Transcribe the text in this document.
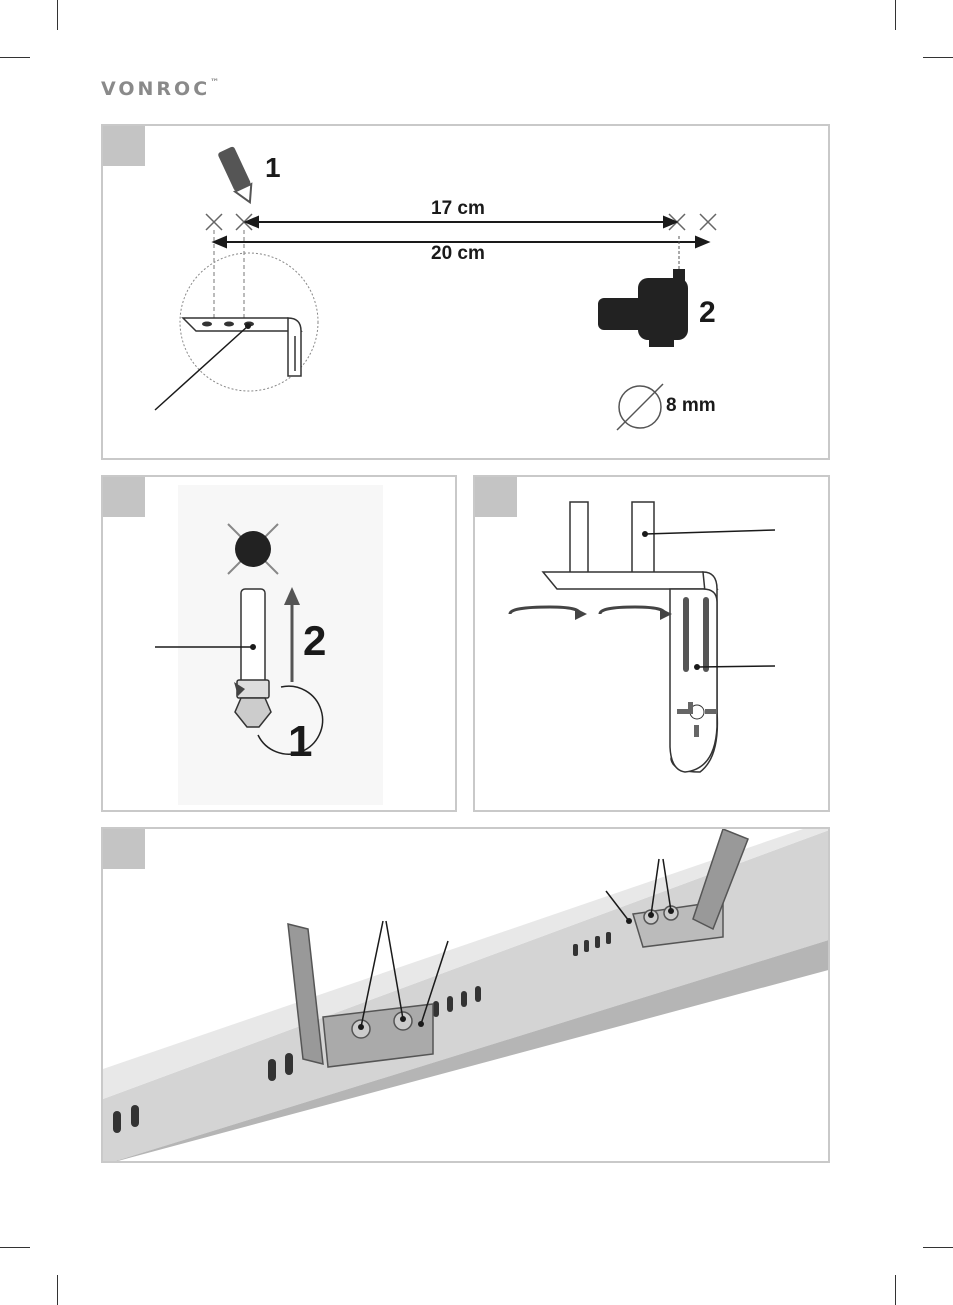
VONROC™
1
17 cm
20 cm
2
8 mm
2
1
